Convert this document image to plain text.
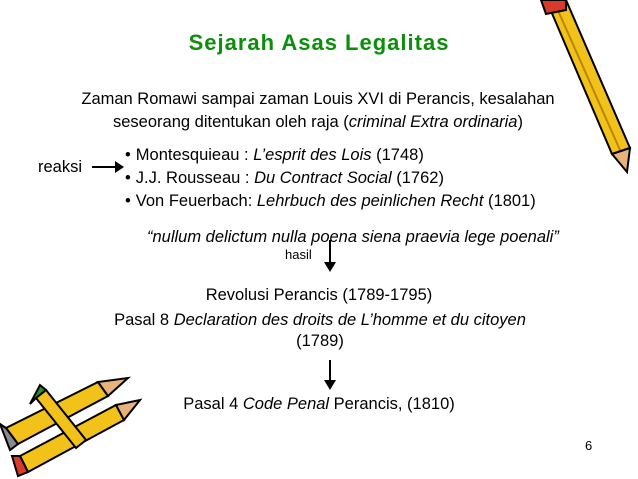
Sejarah Asas Legalitas
Zaman Romawi sampai zaman Louis XVI di Perancis, kesalahan
seseorang ditentukan oleh raja (criminal Extra ordinaria)
reaksi
• Montesquieau : L’esprit des Lois (1748)
• J.J. Rousseau : Du Contract Social (1762)
• Von Feuerbach: Lehrbuch des peinlichen Recht (1801)
“nullum delictum nulla poena siena praevia lege poenali”
hasil
Revolusi Perancis (1789-1795)
Pasal 8 Declaration des droits de L’homme et du citoyen
(1789)
Pasal 4 Code Penal Perancis, (1810)
6
